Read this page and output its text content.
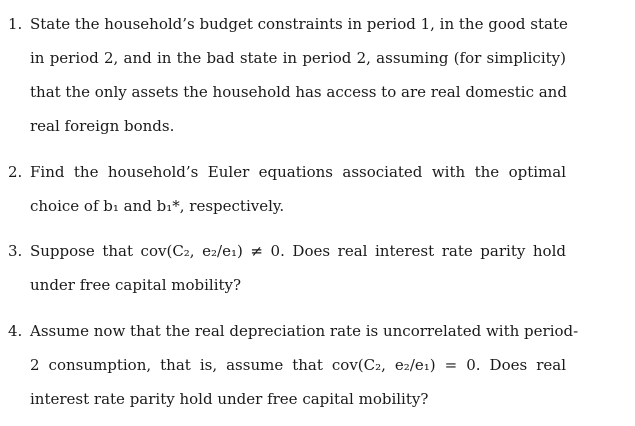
1. State the household’s budget constraints in period 1, in the good state
in period 2, and in the bad state in period 2, assuming (for simplicity)
that the only assets the household has access to are real domestic and
real foreign bonds.
2. Find the household’s Euler equations associated with the optimal
choice of b₁ and b₁*, respectively.
3. Suppose that cov(C₂, e₂/e₁) ≠ 0. Does real interest rate parity hold
under free capital mobility?
4. Assume now that the real depreciation rate is uncorrelated with period-
2 consumption, that is, assume that cov(C₂, e₂/e₁) = 0. Does real
interest rate parity hold under free capital mobility?
